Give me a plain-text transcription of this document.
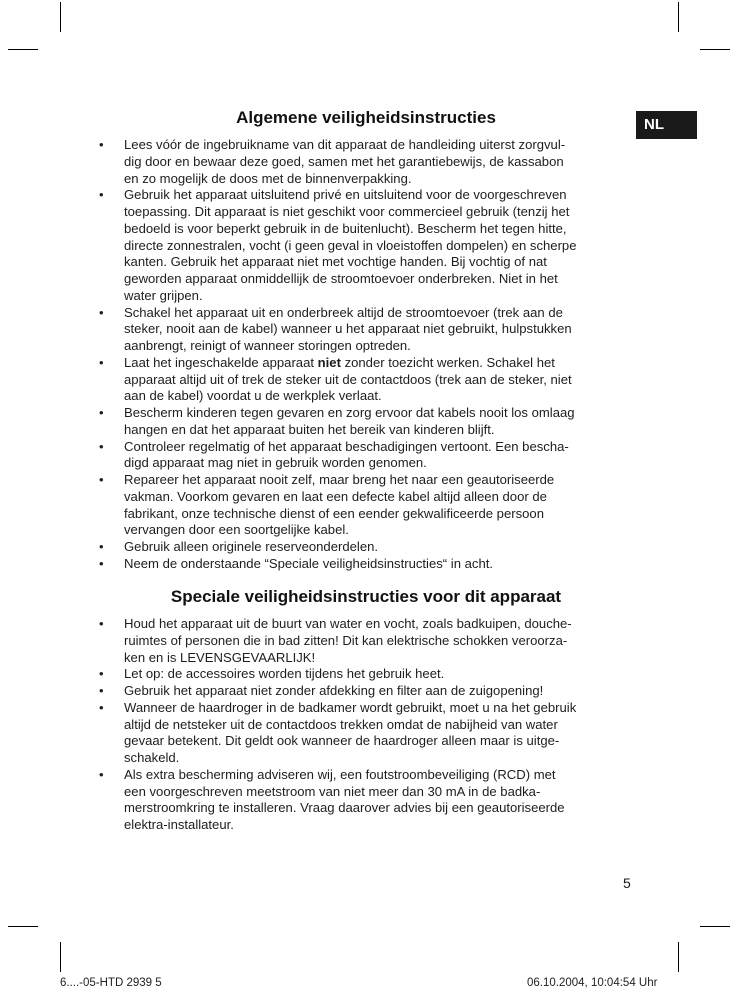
NL
Algemene veiligheidsinstructies
• Lees vóór de ingebruikname van dit apparaat de handleiding uiterst zorgvul-
dig door en bewaar deze goed, samen met het garantiebewijs, de kassabon
en zo mogelijk de doos met de binnenverpakking.
• Gebruik het apparaat uitsluitend privé en uitsluitend voor de voorgeschreven
toepassing. Dit apparaat is niet geschikt voor commercieel gebruik (tenzij het
bedoeld is voor beperkt gebruik in de buitenlucht). Bescherm het tegen hitte,
directe zonnestralen, vocht (i geen geval in vloeistoffen dompelen) en scherpe
kanten. Gebruik het apparaat niet met vochtige handen. Bij vochtig of nat
geworden apparaat onmiddellijk de stroomtoevoer onderbreken. Niet in het
water grijpen.
• Schakel het apparaat uit en onderbreek altijd de stroomtoevoer (trek aan de
steker, nooit aan de kabel) wanneer u het apparaat niet gebruikt, hulpstukken
aanbrengt, reinigt of wanneer storingen optreden.
• Laat het ingeschakelde apparaat niet zonder toezicht werken. Schakel het
apparaat altijd uit of trek de steker uit de contactdoos (trek aan de steker, niet
aan de kabel) voordat u de werkplek verlaat.
• Bescherm kinderen tegen gevaren en zorg ervoor dat kabels nooit los omlaag
hangen en dat het apparaat buiten het bereik van kinderen blijft.
• Controleer regelmatig of het apparaat beschadigingen vertoont. Een bescha-
digd apparaat mag niet in gebruik worden genomen.
• Repareer het apparaat nooit zelf, maar breng het naar een geautoriseerde
vakman. Voorkom gevaren en laat een defecte kabel altijd alleen door de
fabrikant, onze technische dienst of een eender gekwalificeerde persoon
vervangen door een soortgelijke kabel.
• Gebruik alleen originele reserveonderdelen.
• Neem de onderstaande “Speciale veiligheidsinstructies“ in acht.
Speciale veiligheidsinstructies voor dit apparaat
• Houd het apparaat uit de buurt van water en vocht, zoals badkuipen, douche-
ruimtes of personen die in bad zitten! Dit kan elektrische schokken veroorza-
ken en is LEVENSGEVAARLIJK!
• Let op: de accessoires worden tijdens het gebruik heet.
• Gebruik het apparaat niet zonder afdekking en filter aan de zuigopening!
• Wanneer de haardroger in de badkamer wordt gebruikt, moet u na het gebruik
altijd de netsteker uit de contactdoos trekken omdat de nabijheid van water
gevaar betekent. Dit geldt ook wanneer de haardroger alleen maar is uitge-
schakeld.
• Als extra bescherming adviseren wij, een foutstroombeveiliging (RCD) met
een voorgeschreven meetstroom van niet meer dan 30 mA in de badka-
merstroomkring te installeren. Vraag daarover advies bij een geautoriseerde
elektra-installateur.
5
6....-05-HTD 2939 5	06.10.2004, 10:04:54 Uhr
